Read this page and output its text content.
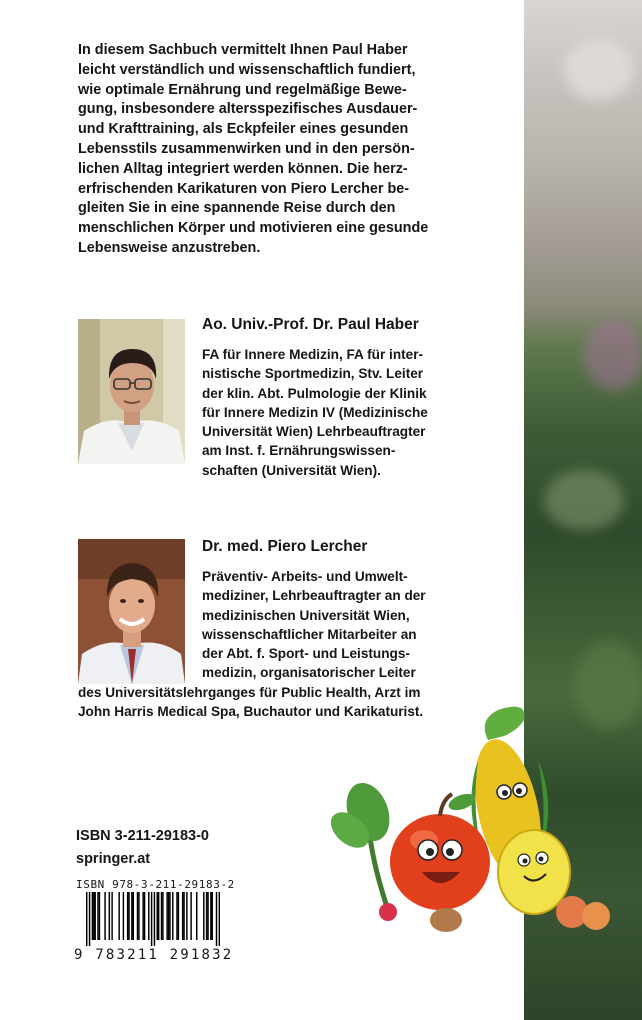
In diesem Sachbuch vermittelt Ihnen Paul Haber
leicht verständlich und wissenschaftlich fundiert,
wie optimale Ernährung und regelmäßige Bewe-
gung, insbesondere altersspezifisches Ausdauer-
und Krafttraining, als Eckpfeiler eines gesunden
Lebensstils zusammenwirken und in den persön-
lichen Alltag integriert werden können. Die herz-
erfrischenden Karikaturen von Piero Lercher be-
gleiten Sie in eine spannende Reise durch den
menschlichen Körper und motivieren eine gesunde
Lebensweise anzustreben.
Ao. Univ.-Prof. Dr. Paul Haber
FA für Innere Medizin, FA für inter-
nistische Sportmedizin, Stv. Leiter
der klin. Abt. Pulmologie der Klinik
für Innere Medizin IV (Medizinische
Universität Wien) Lehrbeauftragter
am Inst. f. Ernährungswissen-
schaften (Universität Wien).
Dr. med. Piero Lercher
Präventiv- Arbeits- und Umwelt-
mediziner, Lehrbeauftragter an der
medizinischen Universität Wien,
wissenschaftlicher Mitarbeiter an
der Abt. f. Sport- und Leistungs-
medizin, organisatorischer Leiter
des Universitätslehrganges für Public Health, Arzt im
John Harris Medical Spa, Buchautor und Karikaturist.
ISBN 3-211-29183-0
springer.at
ISBN 978-3-211-29183-2
9 783211 291832
